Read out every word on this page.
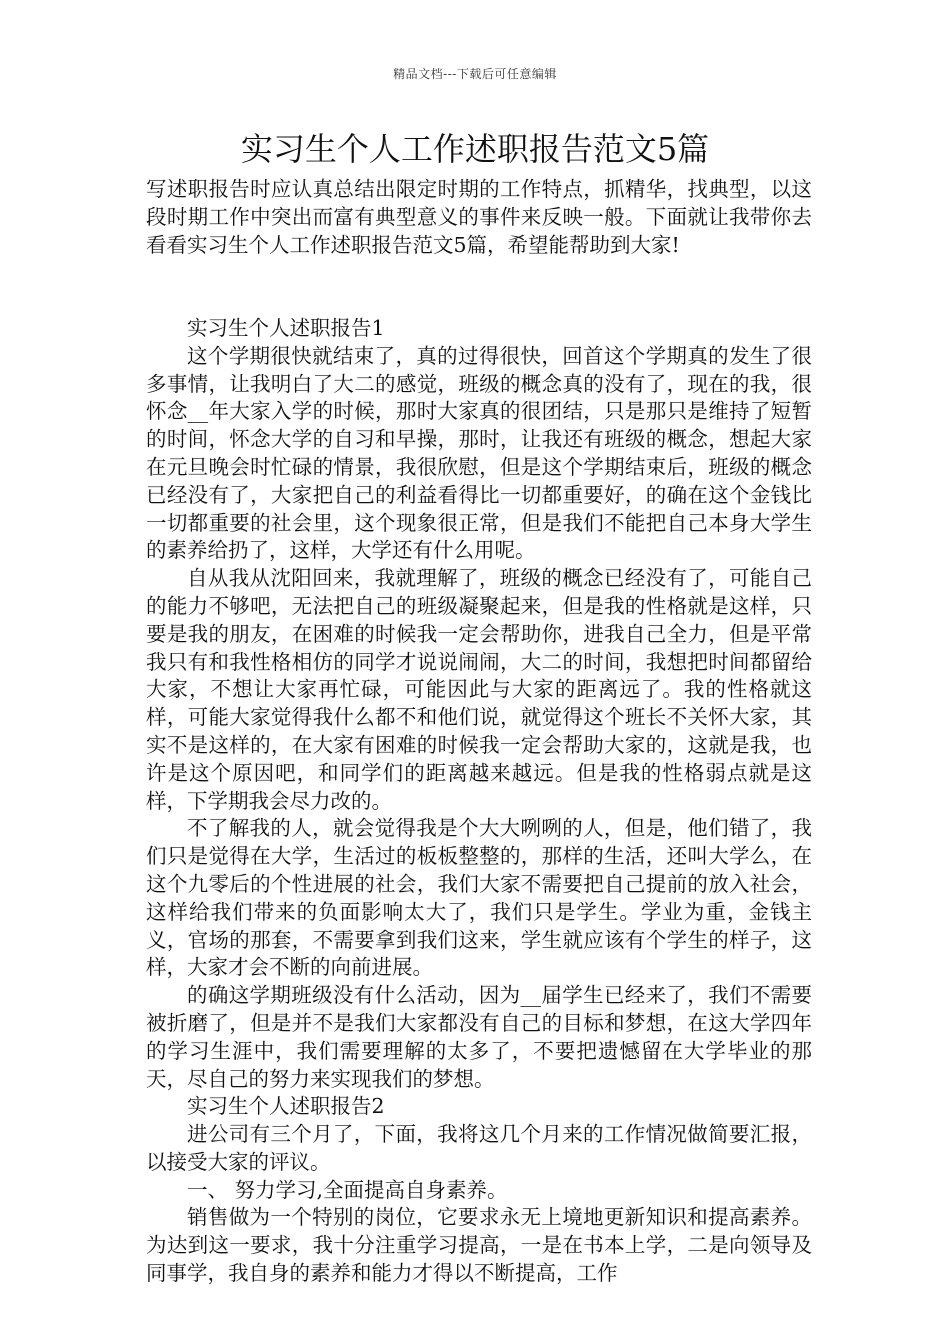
精品文档---下载后可任意编辑
实习生个人工作述职报告范文5篇

写述职报告时应认真总结出限定时期的工作特点，抓精华，找典型，以这段时期工作中突出而富有典型意义的事件来反映一般。下面就让我带你去看看实习生个人工作述职报告范文5篇，希望能帮助到大家!

实习生个人述职报告1

这个学期很快就结束了，真的过得很快，回首这个学期真的发生了很多事情，让我明白了大二的感觉，班级的概念真的没有了，现在的我，很怀念__年大家入学的时候，那时大家真的很团结，只是那只是维持了短暂的时间，怀念大学的自习和早操，那时，让我还有班级的概念，想起大家在元旦晚会时忙碌的情景，我很欣慰，但是这个学期结束后，班级的概念已经没有了，大家把自己的利益看得比一切都重要好，的确在这个金钱比一切都重要的社会里，这个现象很正常，但是我们不能把自己本身大学生的素养给扔了，这样，大学还有什么用呢。

自从我从沈阳回来，我就理解了，班级的概念已经没有了，可能自己的能力不够吧，无法把自己的班级凝聚起来，但是我的性格就是这样，只要是我的朋友，在困难的时候我一定会帮助你，进我自己全力，但是平常我只有和我性格相仿的同学才说说闹闹，大二的时间，我想把时间都留给大家，不想让大家再忙碌，可能因此与大家的距离远了。我的性格就这样，可能大家觉得我什么都不和他们说，就觉得这个班长不关怀大家，其实不是这样的，在大家有困难的时候我一定会帮助大家的，这就是我，也许是这个原因吧，和同学们的距离越来越远。但是我的性格弱点就是这样，下学期我会尽力改的。

不了解我的人，就会觉得我是个大大咧咧的人，但是，他们错了，我们只是觉得在大学，生活过的板板整整的，那样的生活，还叫大学么，在这个九零后的个性进展的社会，我们大家不需要把自己提前的放入社会，这样给我们带来的负面影响太大了，我们只是学生。学业为重，金钱主义，官场的那套，不需要拿到我们这来，学生就应该有个学生的样子，这样，大家才会不断的向前进展。

的确这学期班级没有什么活动，因为__届学生已经来了，我们不需要被折磨了，但是并不是我们大家都没有自己的目标和梦想，在这大学四年的学习生涯中，我们需要理解的太多了，不要把遗憾留在大学毕业的那天，尽自己的努力来实现我们的梦想。

实习生个人述职报告2

进公司有三个月了，下面，我将这几个月来的工作情况做简要汇报，以接受大家的评议。

一、 努力学习,全面提高自身素养。

销售做为一个特别的岗位，它要求永无上境地更新知识和提高素养。为达到这一要求，我十分注重学习提高，一是在书本上学，二是向领导及同事学，我自身的素养和能力才得以不断提高，工作
